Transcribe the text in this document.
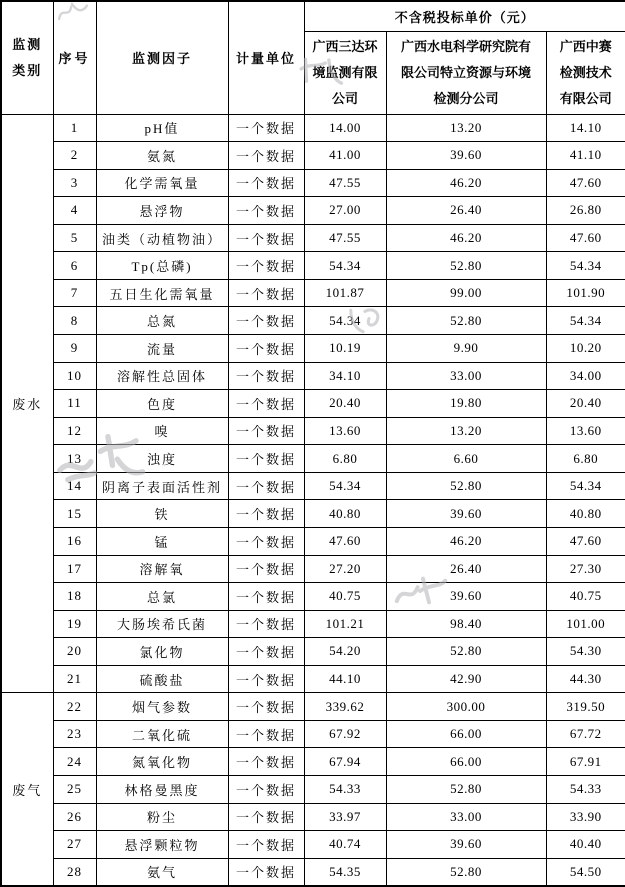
监测类别	序号	监测因子	计量单位	不含税投标单价（元）		
				广西三达环境监测有限公司	广西水电科学研究院有限公司特立资源与环境检测分公司	广西中赛检测技术有限公司
废水	1	pH值	一个数据	14.00	13.20	14.10
	2	氨氮	一个数据	41.00	39.60	41.10
	3	化学需氧量	一个数据	47.55	46.20	47.60
	4	悬浮物	一个数据	27.00	26.40	26.80
	5	油类（动植物油）	一个数据	47.55	46.20	47.60
	6	Tp(总磷)	一个数据	54.34	52.80	54.34
	7	五日生化需氧量	一个数据	101.87	99.00	101.90
	8	总氮	一个数据	54.34	52.80	54.34
	9	流量	一个数据	10.19	9.90	10.20
	10	溶解性总固体	一个数据	34.10	33.00	34.00
	11	色度	一个数据	20.40	19.80	20.40
	12	嗅	一个数据	13.60	13.20	13.60
	13	浊度	一个数据	6.80	6.60	6.80
	14	阴离子表面活性剂	一个数据	54.34	52.80	54.34
	15	铁	一个数据	40.80	39.60	40.80
	16	锰	一个数据	47.60	46.20	47.60
	17	溶解氧	一个数据	27.20	26.40	27.30
	18	总氯	一个数据	40.75	39.60	40.75
	19	大肠埃希氏菌	一个数据	101.21	98.40	101.00
	20	氯化物	一个数据	54.20	52.80	54.30
	21	硫酸盐	一个数据	44.10	42.90	44.30
废气	22	烟气参数	一个数据	339.62	300.00	319.50
	23	二氧化硫	一个数据	67.92	66.00	67.72
	24	氮氧化物	一个数据	67.94	66.00	67.91
	25	林格曼黑度	一个数据	54.33	52.80	54.33
	26	粉尘	一个数据	33.97	33.00	33.90
	27	悬浮颗粒物	一个数据	40.74	39.60	40.40
	28	氨气	一个数据	54.35	52.80	54.50
